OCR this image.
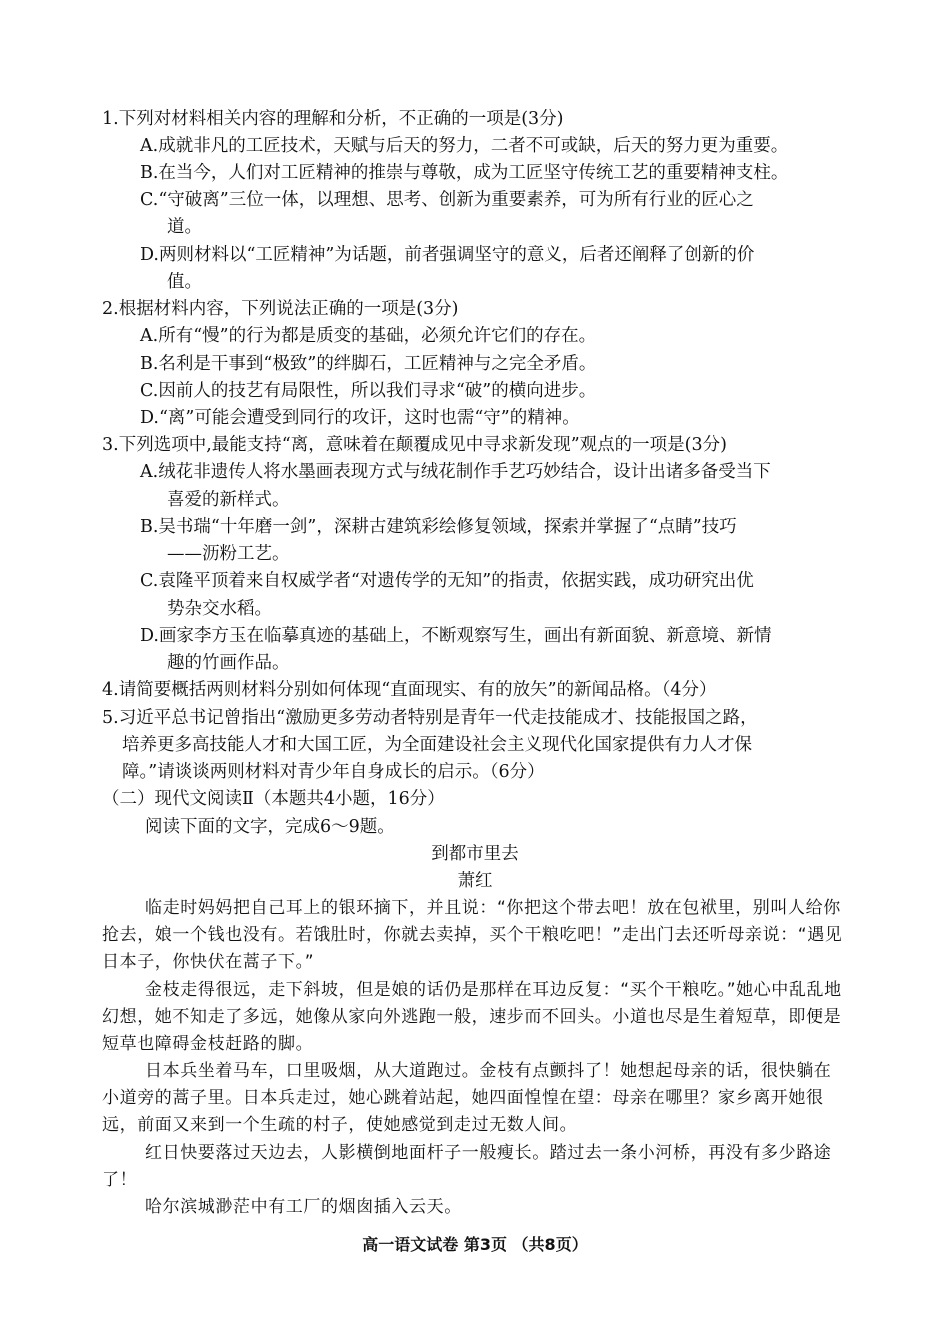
1.下列对材料相关内容的理解和分析，不正确的一项是(3分)
A.成就非凡的工匠技术，天赋与后天的努力，二者不可或缺，后天的努力更为重要。
B.在当今，人们对工匠精神的推崇与尊敬，成为工匠坚守传统工艺的重要精神支柱。
C.“守破离”三位一体，以理想、思考、创新为重要素养，可为所有行业的匠心之
道。
D.两则材料以“工匠精神”为话题，前者强调坚守的意义，后者还阐释了创新的价
值。
2.根据材料内容，下列说法正确的一项是(3分)
A.所有“慢”的行为都是质变的基础，必须允许它们的存在。
B.名利是干事到“极致”的绊脚石，工匠精神与之完全矛盾。
C.因前人的技艺有局限性，所以我们寻求“破”的横向进步。
D.“离”可能会遭受到同行的攻讦，这时也需“守”的精神。
3.下列选项中,最能支持“离，意味着在颠覆成见中寻求新发现”观点的一项是(3分)
A.绒花非遗传人将水墨画表现方式与绒花制作手艺巧妙结合，设计出诸多备受当下
喜爱的新样式。
B.吴书瑞“十年磨一剑”，深耕古建筑彩绘修复领域，探索并掌握了“点睛”技巧
——沥粉工艺。
C.袁隆平顶着来自权威学者“对遗传学的无知”的指责，依据实践，成功研究出优
势杂交水稻。
D.画家李方玉在临摹真迹的基础上，不断观察写生，画出有新面貌、新意境、新情
趣的竹画作品。
4.请简要概括两则材料分别如何体现“直面现实、有的放矢”的新闻品格。（4分）
5.习近平总书记曾指出“激励更多劳动者特别是青年一代走技能成才、技能报国之路，
培养更多高技能人才和大国工匠，为全面建设社会主义现代化国家提供有力人才保
障。”请谈谈两则材料对青少年自身成长的启示。（6分）
（二）现代文阅读Ⅱ（本题共4小题，16分）
阅读下面的文字，完成6～9题。
到都市里去
萧红
临走时妈妈把自己耳上的银环摘下，并且说：“你把这个带去吧！放在包袱里，别叫人给你抢去，娘一个钱也没有。若饿肚时，你就去卖掉，买个干粮吃吧！”走出门去还听母亲说：“遇见日本子，你快伏在蒿子下。”
金枝走得很远，走下斜坡，但是娘的话仍是那样在耳边反复：“买个干粮吃。”她心中乱乱地幻想，她不知走了多远，她像从家向外逃跑一般，速步而不回头。小道也尽是生着短草，即便是短草也障碍金枝赶路的脚。
日本兵坐着马车，口里吸烟，从大道跑过。金枝有点颤抖了！她想起母亲的话，很快躺在小道旁的蒿子里。日本兵走过，她心跳着站起，她四面惶惶在望：母亲在哪里？家乡离开她很远，前面又来到一个生疏的村子，使她感觉到走过无数人间。
红日快要落过天边去，人影横倒地面杆子一般瘦长。踏过去一条小河桥，再没有多少路途了！
哈尔滨城渺茫中有工厂的烟囱插入云天。
高一语文试卷 第3页 （共8页）
